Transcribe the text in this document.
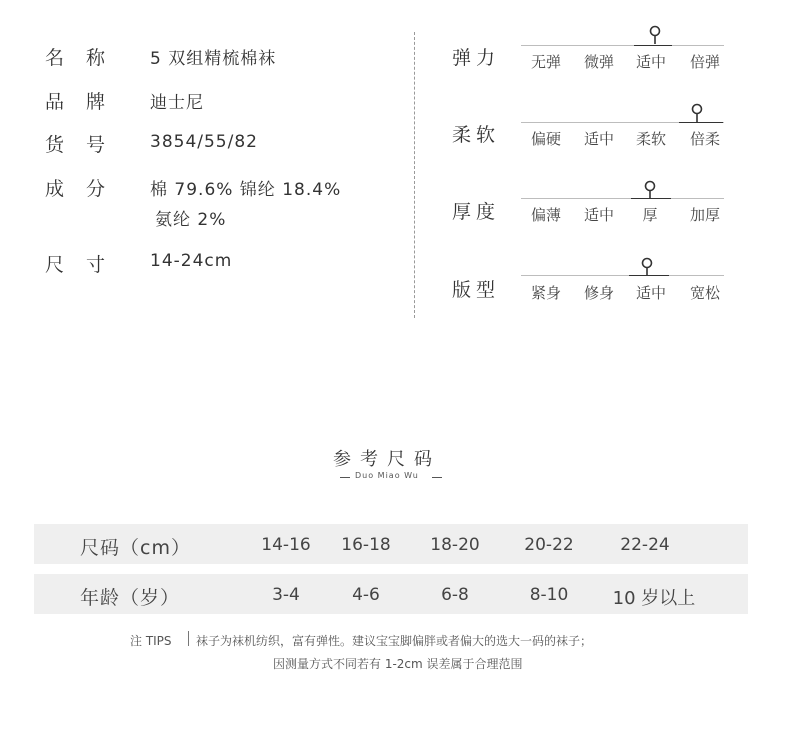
名称 5 双组精梳棉袜
品牌 迪士尼
货号 3854/55/82
成分 棉 79.6% 锦纶 18.4%
氨纶 2%
尺寸 14-24cm
弹力	无弹	微弹	适中	倍弹
柔软	偏硬	适中	柔软	倍柔
厚度	偏薄	适中	厚	加厚
版型	紧身	修身	适中	宽松
参考尺码
Duo Miao Wu
尺码（cm）	14-16	16-18	18-20	20-22	22-24
年龄（岁）	3-4	4-6	6-8	8-10	10 岁以上
注 TIPS 袜子为袜机纺织，富有弹性。建议宝宝脚偏胖或者偏大的选大一码的袜子；
因测量方式不同若有 1-2cm 误差属于合理范围
